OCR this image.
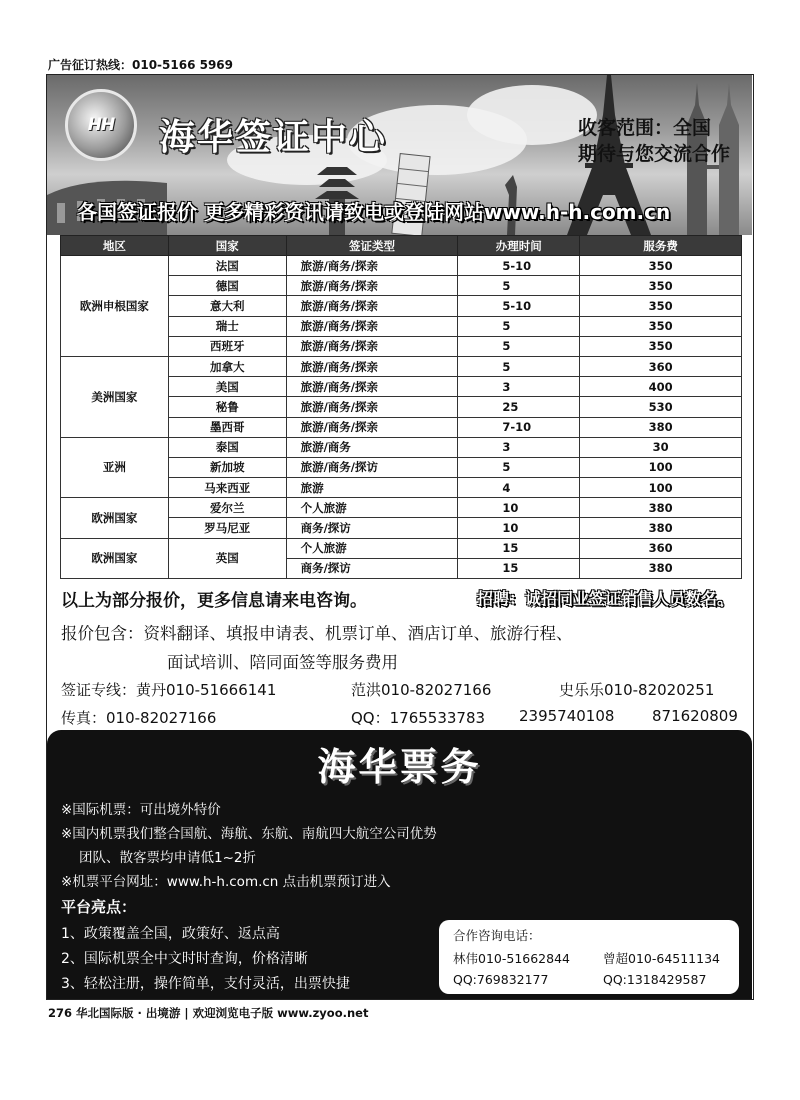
广告征订热线：010-5166 5969
HH 海华签证中心	收客范围：全国
期待与您交流合作
各国签证报价 更多精彩资讯请致电或登陆网站www.h-h.com.cn
地区	国家	签证类型	办理时间	服务费
欧洲申根国家	法国	旅游/商务/探亲	5-10	350
	德国	旅游/商务/探亲	5	350
	意大利	旅游/商务/探亲	5-10	350
	瑞士	旅游/商务/探亲	5	350
	西班牙	旅游/商务/探亲	5	350
美洲国家	加拿大	旅游/商务/探亲	5	360
	美国	旅游/商务/探亲	3	400
	秘鲁	旅游/商务/探亲	25	530
	墨西哥	旅游/商务/探亲	7-10	380
亚洲	泰国	旅游/商务	3	30
	新加坡	旅游/商务/探访	5	100
	马来西亚	旅游	4	100
欧洲国家	爱尔兰	个人旅游	10	380
	罗马尼亚	商务/探访	10	380
欧洲国家	英国	个人旅游	15	360
		商务/探访	15	380
以上为部分报价，更多信息请来电咨询。	招聘：诚招同业签证销售人员数名。
报价包含：资料翻译、填报申请表、机票订单、酒店订单、旅游行程、
面试培训、陪同面签等服务费用
签证专线：黄丹010-51666141	范洪010-82027166	史乐乐010-82020251
传真：010-82027166	QQ：1765533783 2395740108	871620809
海华票务
※国际机票：可出境外特价
※国内机票我们整合国航、海航、东航、南航四大航空公司优势
团队、散客票均申请低1~2折
※机票平台网址：www.h-h.com.cn 点击机票预订进入
平台亮点：
1、政策覆盖全国，政策好、返点高
2、国际机票全中文时时查询，价格清晰
3、轻松注册，操作简单，支付灵活，出票快捷
合作咨询电话：
林伟010-51662844	曾超010-64511134
QQ:769832177	QQ:1318429587
276 华北国际版 · 出境游 | 欢迎浏览电子版 www.zyoo.net
